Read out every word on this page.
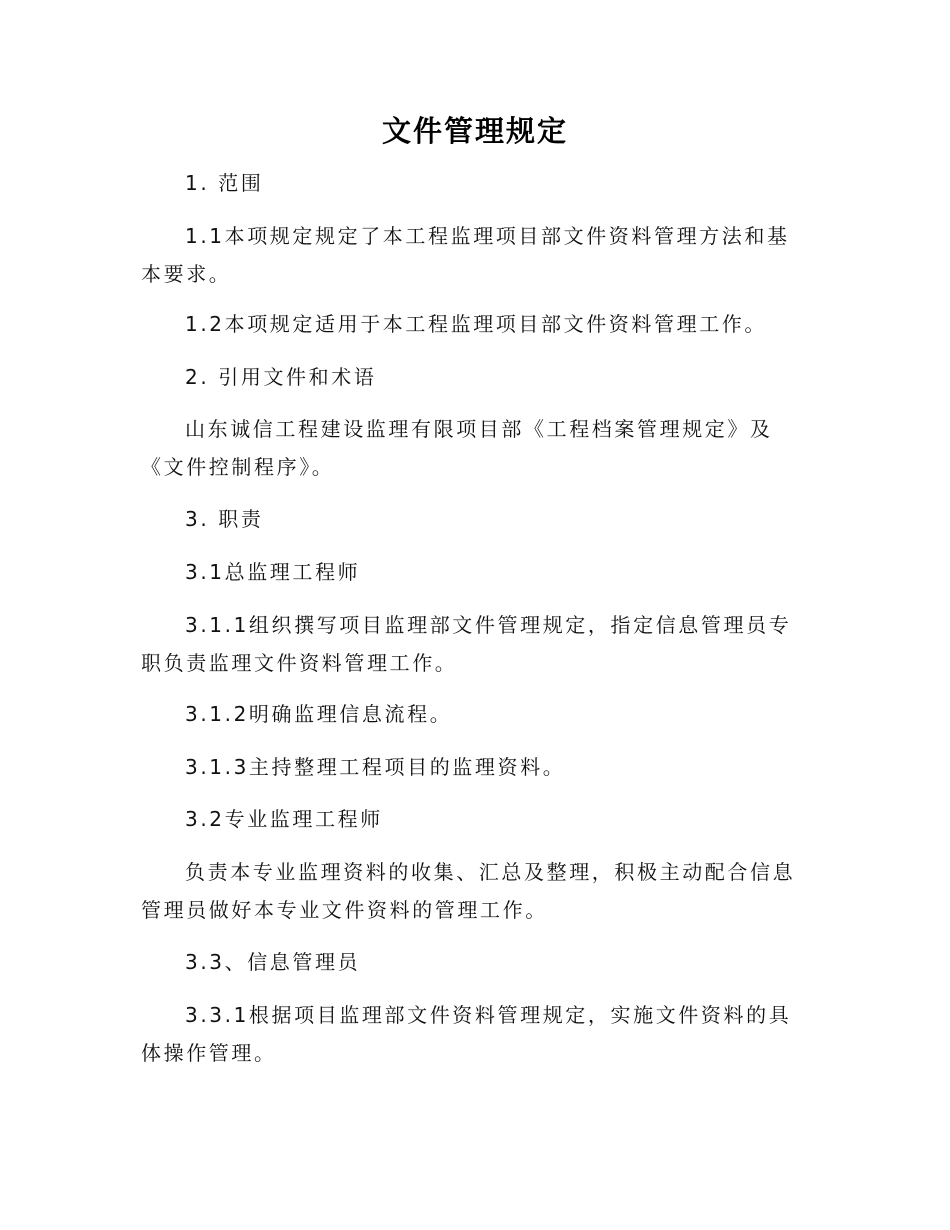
文件管理规定

1. 范围

1.1本项规定规定了本工程监理项目部文件资料管理方法和基本要求。

1.2本项规定适用于本工程监理项目部文件资料管理工作。

2. 引用文件和术语

山东诚信工程建设监理有限项目部《工程档案管理规定》及《文件控制程序》。

3. 职责

3.1总监理工程师

3.1.1组织撰写项目监理部文件管理规定，指定信息管理员专职负责监理文件资料管理工作。

3.1.2明确监理信息流程。

3.1.3主持整理工程项目的监理资料。

3.2专业监理工程师

负责本专业监理资料的收集、汇总及整理，积极主动配合信息管理员做好本专业文件资料的管理工作。

3.3、信息管理员

3.3.1根据项目监理部文件资料管理规定，实施文件资料的具体操作管理。
